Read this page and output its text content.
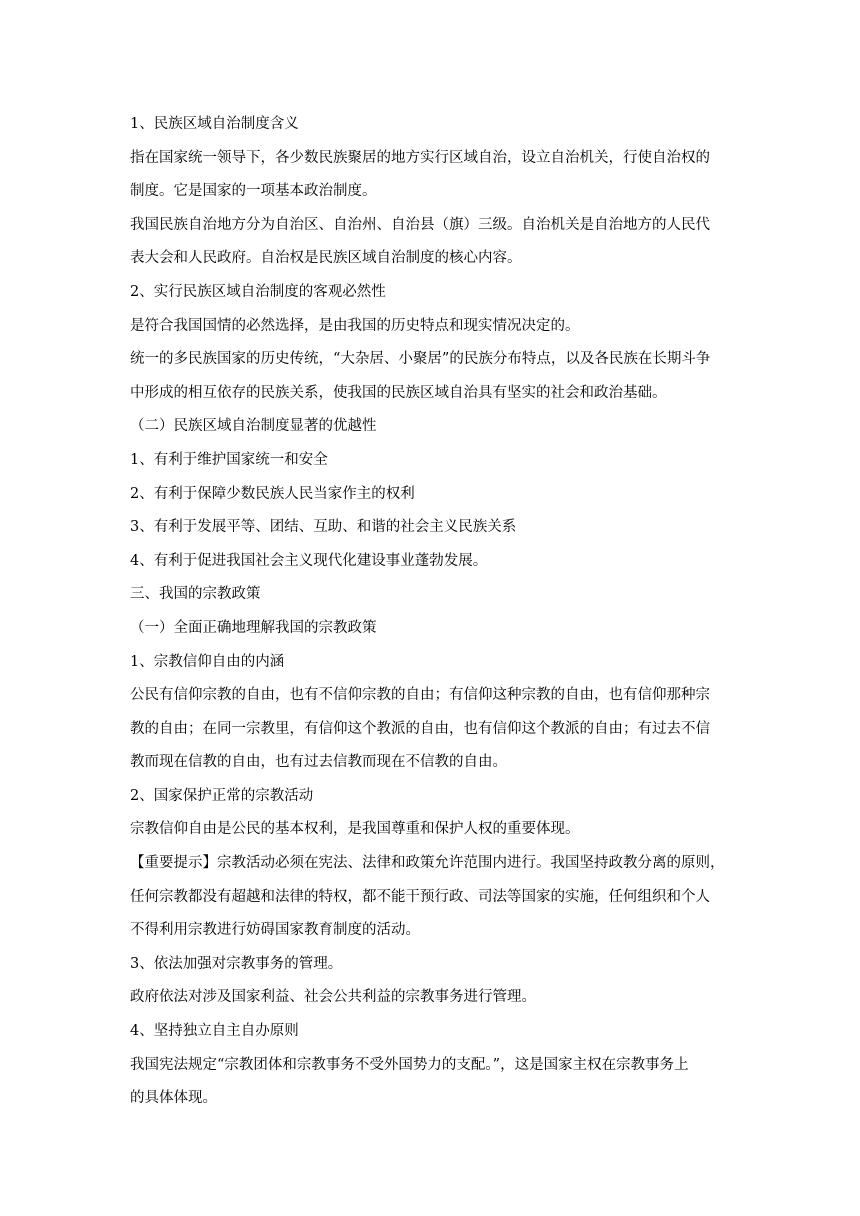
1、民族区域自治制度含义

指在国家统一领导下，各少数民族聚居的地方实行区域自治，设立自治机关，行使自治权的

制度。它是国家的一项基本政治制度。

我国民族自治地方分为自治区、自治州、自治县（旗）三级。自治机关是自治地方的人民代

表大会和人民政府。自治权是民族区域自治制度的核心内容。

2、实行民族区域自治制度的客观必然性

是符合我国国情的必然选择，是由我国的历史特点和现实情况决定的。

统一的多民族国家的历史传统，“大杂居、小聚居”的民族分布特点，以及各民族在长期斗争

中形成的相互依存的民族关系，使我国的民族区域自治具有坚实的社会和政治基础。

（二）民族区域自治制度显著的优越性

1、有利于维护国家统一和安全

2、有利于保障少数民族人民当家作主的权利

3、有利于发展平等、团结、互助、和谐的社会主义民族关系

4、有利于促进我国社会主义现代化建设事业蓬勃发展。

三、我国的宗教政策

（一）全面正确地理解我国的宗教政策

1、宗教信仰自由的内涵

公民有信仰宗教的自由，也有不信仰宗教的自由；有信仰这种宗教的自由，也有信仰那种宗

教的自由；在同一宗教里，有信仰这个教派的自由，也有信仰这个教派的自由；有过去不信

教而现在信教的自由，也有过去信教而现在不信教的自由。

2、国家保护正常的宗教活动

宗教信仰自由是公民的基本权利，是我国尊重和保护人权的重要体现。

【重要提示】宗教活动必须在宪法、法律和政策允许范围内进行。我国坚持政教分离的原则，

任何宗教都没有超越和法律的特权，都不能干预行政、司法等国家的实施，任何组织和个人

不得利用宗教进行妨碍国家教育制度的活动。

3、依法加强对宗教事务的管理。

政府依法对涉及国家利益、社会公共利益的宗教事务进行管理。

4、坚持独立自主自办原则

我国宪法规定“宗教团体和宗教事务不受外国势力的支配。”，这是国家主权在宗教事务上

的具体体现。
